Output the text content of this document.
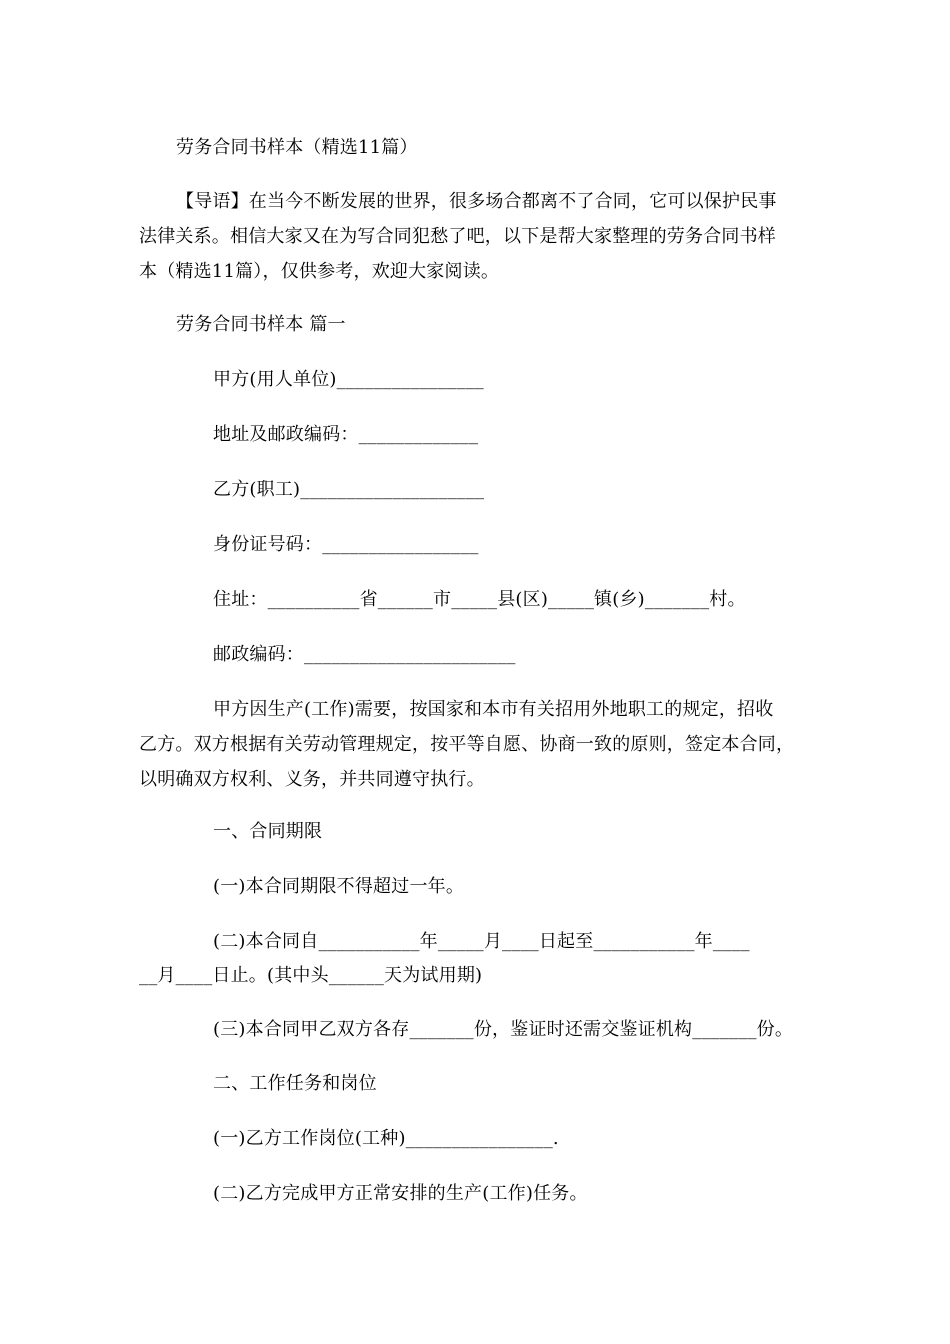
劳务合同书样本（精选11篇）
【导语】在当今不断发展的世界，很多场合都离不了合同，它可以保护民事
法律关系。相信大家又在为写合同犯愁了吧，以下是帮大家整理的劳务合同书样
本（精选11篇），仅供参考，欢迎大家阅读。
劳务合同书样本 篇一
甲方(用人单位)________________
地址及邮政编码：_____________
乙方(职工)____________________
身份证号码：_________________
住址：__________省______市_____县(区)_____镇(乡)_______村。
邮政编码：_______________________
甲方因生产(工作)需要，按国家和本市有关招用外地职工的规定，招收
乙方。双方根据有关劳动管理规定，按平等自愿、协商一致的原则，签定本合同，
以明确双方权利、义务，并共同遵守执行。
一、合同期限
(一)本合同期限不得超过一年。
(二)本合同自___________年_____月____日起至___________年____
__月____日止。(其中头______天为试用期)
(三)本合同甲乙双方各存_______份，鉴证时还需交鉴证机构_______份。
二、工作任务和岗位
(一)乙方工作岗位(工种)________________.
(二)乙方完成甲方正常安排的生产(工作)任务。
